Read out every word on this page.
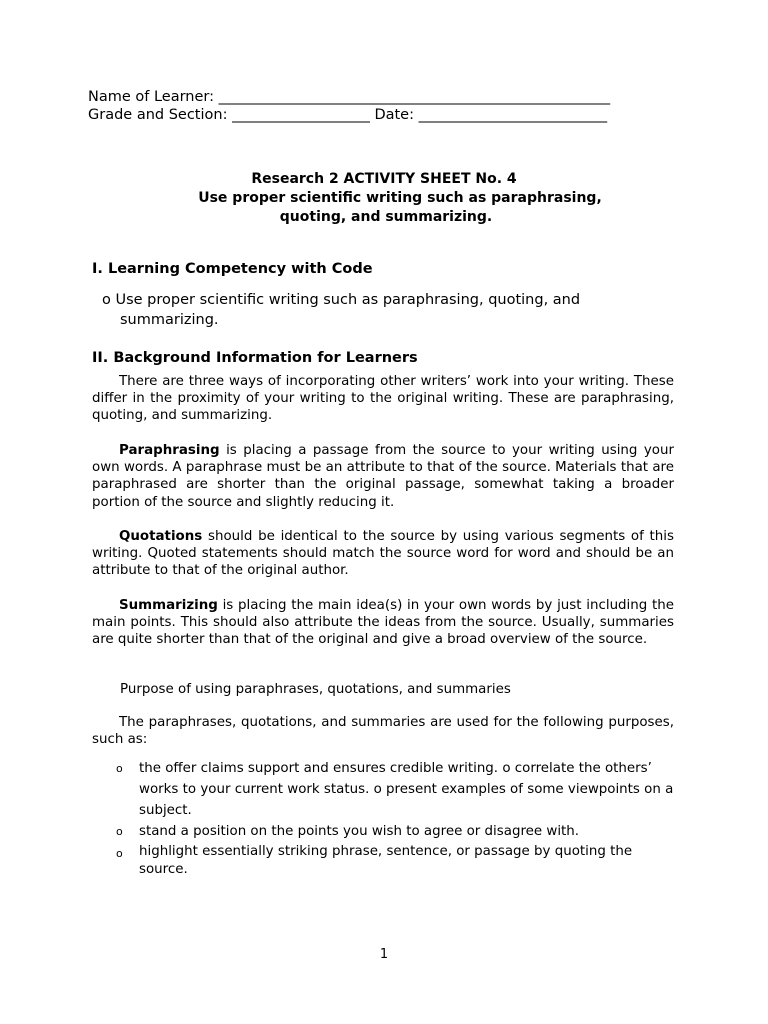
Name of Learner: ______________________________________________________
Grade and Section: ___________________ Date: __________________________
Research 2 ACTIVITY SHEET No. 4
Use proper scientific writing such as paraphrasing,
quoting, and summarizing.
I. Learning Competency with Code
o Use proper scientific writing such as paraphrasing, quoting, and
summarizing.
II. Background Information for Learners
There are three ways of incorporating other writers’ work into your writing. These differ in the proximity of your writing to the original writing. These are paraphrasing, quoting, and summarizing.
Paraphrasing is placing a passage from the source to your writing using your own words. A paraphrase must be an attribute to that of the source. Materials that are paraphrased are shorter than the original passage, somewhat taking a broader portion of the source and slightly reducing it.
Quotations should be identical to the source by using various segments of this writing. Quoted statements should match the source word for word and should be an attribute to that of the original author.
Summarizing is placing the main idea(s) in your own words by just including the main points. This should also attribute the ideas from the source. Usually, summaries are quite shorter than that of the original and give a broad overview of the source.
Purpose of using paraphrases, quotations, and summaries
The paraphrases, quotations, and summaries are used for the following purposes, such as:
o the offer claims support and ensures credible writing. o correlate the others’ works to your current work status. o present examples of some viewpoints on a subject.
o stand a position on the points you wish to agree or disagree with.
o highlight essentially striking phrase, sentence, or passage by quoting the source.
1
